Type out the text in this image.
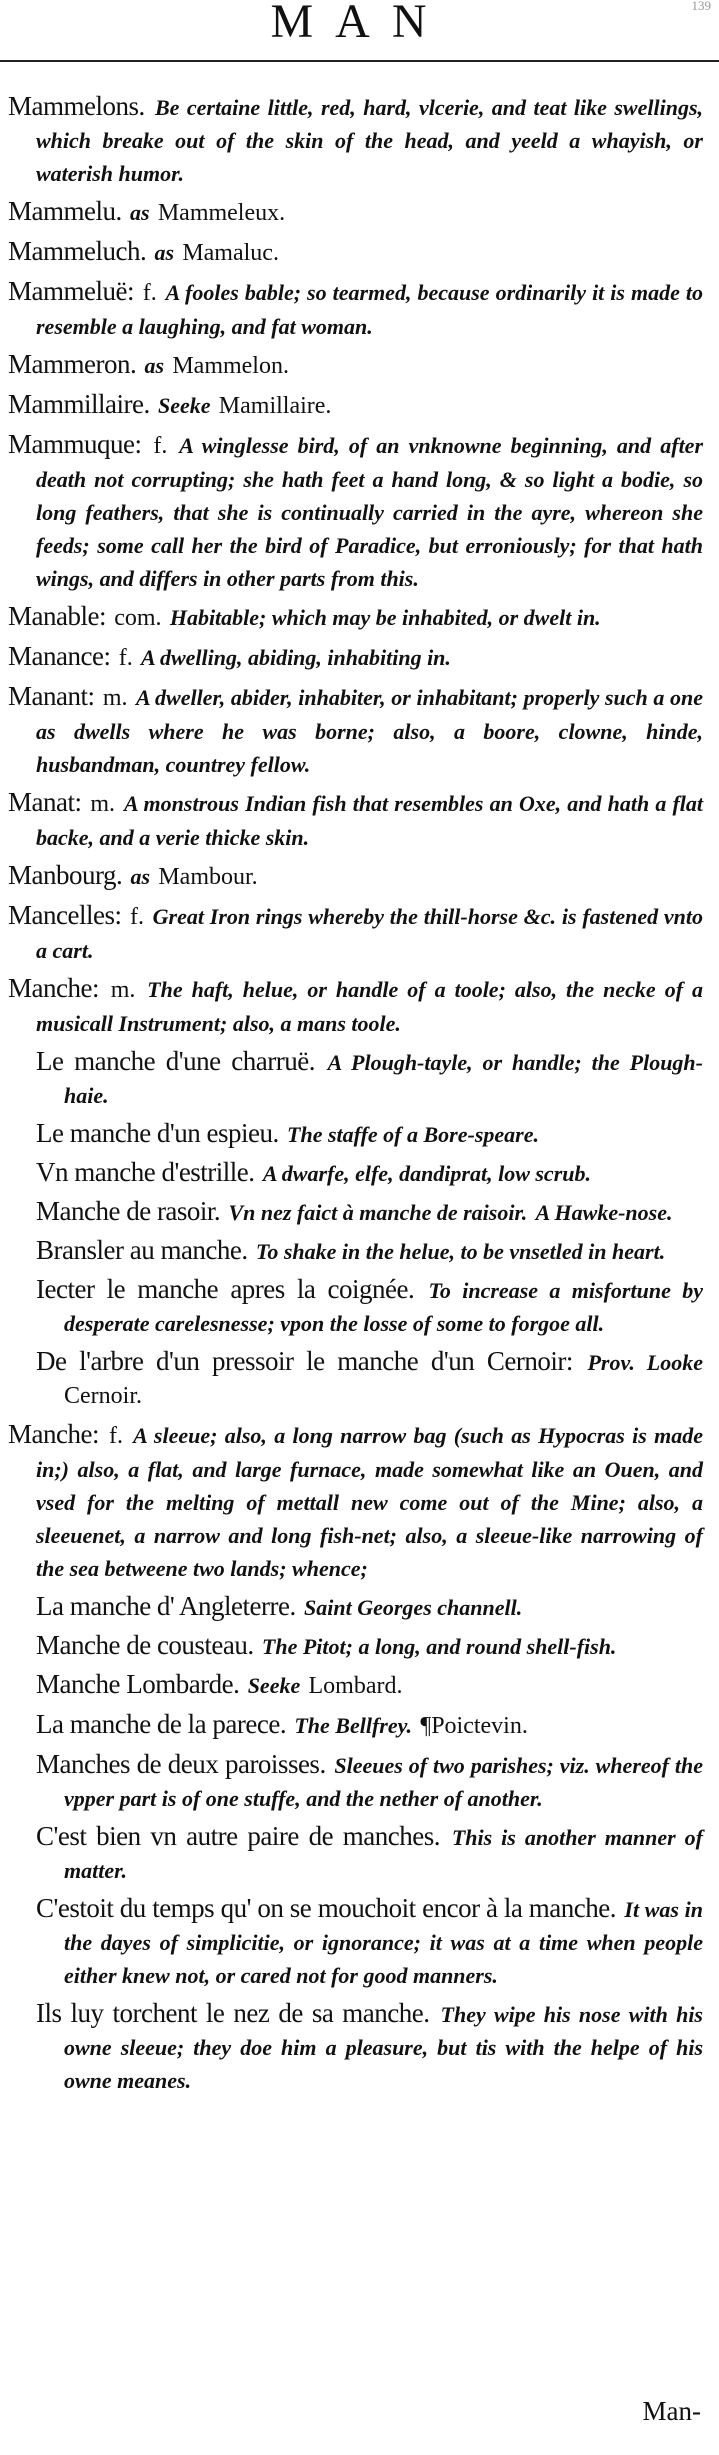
MAN	139

Mammelons. Be certaine little, red, hard, vlcerie, and teat like swellings, which breake out of the skin of the head, and yeeld a whayish, or waterish humor.

Mammelu. as Mammeleux.

Mammeluch. as Mamaluc.

Mammeluë: f. A fooles bable; so tearmed, because ordinarily it is made to resemble a laughing, and fat woman.

Mammeron. as Mammelon.

Mammillaire. Seeke Mamillaire.

Mammuque: f. A winglesse bird, of an vnknowne beginning, and after death not corrupting; she hath feet a hand long, & so light a bodie, so long feathers, that she is continually carried in the ayre, whereon she feeds; some call her the bird of Paradice, but erroniously; for that hath wings, and differs in other parts from this.

Manable: com. Habitable; which may be inhabited, or dwelt in.

Manance: f. A dwelling, abiding, inhabiting in.

Manant: m. A dweller, abider, inhabiter, or inhabitant; properly such a one as dwells where he was borne; also, a boore, clowne, hinde, husbandman, countrey fellow.

Manat: m. A monstrous Indian fish that resembles an Oxe, and hath a flat backe, and a verie thicke skin.

Manbourg. as Mambour.

Mancelles: f. Great Iron rings whereby the thill-horse &c. is fastened vnto a cart.

Manche: m. The haft, helue, or handle of a toole; also, the necke of a musicall Instrument; also, a mans toole.

Le manche d'une charruë. A Plough-tayle, or handle; the Plough-haie.

Le manche d'un espieu. The staffe of a Bore-speare.

Vn manche d'estrille. A dwarfe, elfe, dandiprat, low scrub.

Manche de rasoir. Vn nez faict à manche de raisoir. A Hawke-nose.

Bransler au manche. To shake in the helue, to be vnsetled in heart.

Iecter le manche apres la coignée. To increase a misfortune by desperate carelesnesse; vpon the losse of some to forgoe all.

De l'arbre d'un pressoir le manche d'un Cernoir: Prov. Looke Cernoir.

Manche: f. A sleeue; also, a long narrow bag (such as Hypocras is made in;) also, a flat, and large furnace, made somewhat like an Ouen, and vsed for the melting of mettall new come out of the Mine; also, a sleeuenet, a narrow and long fish-net; also, a sleeue-like narrowing of the sea betweene two lands; whence;

La manche d' Angleterre. Saint Georges channell.

Manche de cousteau. The Pitot; a long, and round shell-fish.

Manche Lombarde. Seeke Lombard.

La manche de la parece. The Bellfrey. ¶Poictevin.

Manches de deux paroisses. Sleeues of two parishes; viz. whereof the vpper part is of one stuffe, and the nether of another.

C'est bien vn autre paire de manches. This is another manner of matter.

C'estoit du temps qu' on se mouchoit encor à la manche. It was in the dayes of simplicitie, or ignorance; it was at a time when people either knew not, or cared not for good manners.

Ils luy torchent le nez de sa manche. They wipe his nose with his owne sleeue; they doe him a pleasure, but tis with the helpe of his owne meanes.

Man-
